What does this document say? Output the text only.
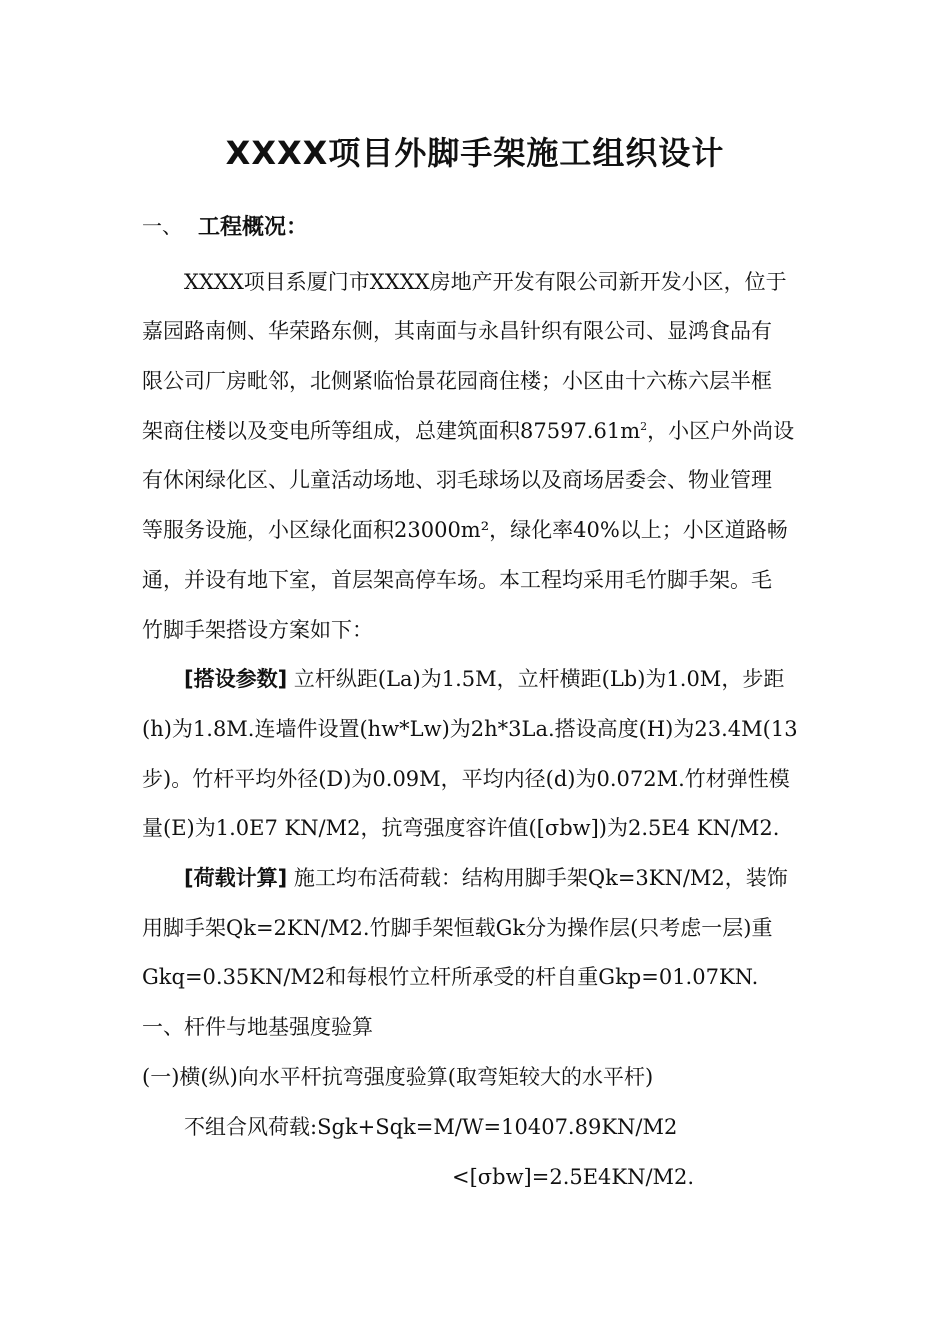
XXXX项目外脚手架施工组织设计
一、 工程概况：
XXXX项目系厦门市XXXX房地产开发有限公司新开发小区，位于
嘉园路南侧、华荣路东侧，其南面与永昌针织有限公司、显鸿食品有
限公司厂房毗邻，北侧紧临怡景花园商住楼；小区由十六栋六层半框
架商住楼以及变电所等组成，总建筑面积$87597.61m^2$，小区户外尚设
有休闲绿化区、儿童活动场地、羽毛球场以及商场居委会、物业管理
等服务设施，小区绿化面积23000m²，绿化率40%以上；小区道路畅
通，并设有地下室，首层架高停车场。本工程均采用毛竹脚手架。毛
竹脚手架搭设方案如下：
[搭设参数] 立杆纵距(La)为1.5M，立杆横距(Lb)为1.0M，步距
(h)为1.8M.连墙件设置(hw*Lw)为2h*3La.搭设高度(H)为23.4M(13
步)。竹杆平均外径(D)为0.09M，平均内径(d)为0.072M.竹材弹性模
量(E)为1.0E7 KN/M2，抗弯强度容许值([σbw])为2.5E4 KN/M2.
[荷载计算] 施工均布活荷载：结构用脚手架Qk=3KN/M2，装饰
用脚手架Qk=2KN/M2.竹脚手架恒载Gk分为操作层(只考虑一层)重
Gkq=0.35KN/M2和每根竹立杆所承受的杆自重Gkp=01.07KN.
一、杆件与地基强度验算
(一)横(纵)向水平杆抗弯强度验算(取弯矩较大的水平杆)
不组合风荷载:Sgk+Sqk=M/W=10407.89KN/M2
<[σbw]=2.5E4KN/M2.
